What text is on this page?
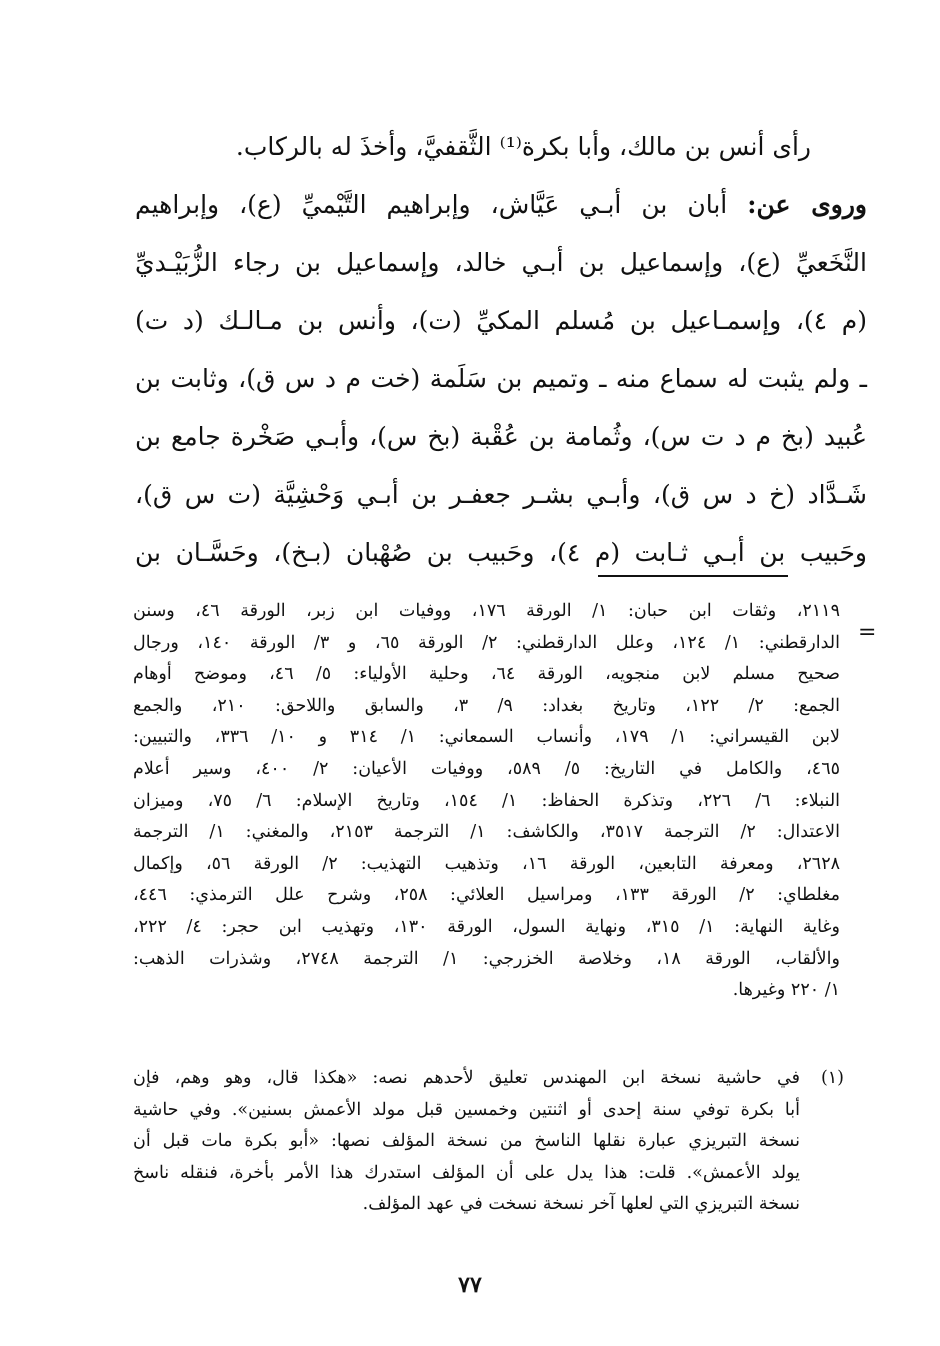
رأى أنس بن مالك، وأبا بكرة⁽¹⁾ الثَّقفيَّ، وأخذَ له بالركاب.
وروى عن: أبان بن أبـي عَيَّاش، وإبراهيم التَّيْميِّ (ع)، وإبراهيم
النَّخَعيِّ (ع)، وإسماعيل بن أبـي خالد، وإسماعيل بن رجاء الزُّبَيْـديِّ
(م ٤)، وإسمـاعيل بن مُسلم المكيِّ (ت)، وأنس بن مـالـك (د ت)
ـ ولم يثبت له سماع منه ـ وتميم بن سَلَمة (خت م د س ق)، وثابت بن
عُبيد (بخ م د ت س)، وثُمامة بن عُقْبة (بخ س)، وأبـي صَخْرة جامع بن
شَـدَّاد (خ د س ق)، وأبـي بشـر جعفـر بن أبـي وَحْشِيَّة (ت س ق)،
وحَبيب بن أبـي ثـابت (م ٤)، وحَبيب بن صُهْبان (بـخ)، وحَسَّـان بن
=
٢١١٩، وثقات ابن حبان: ١/ الورقة ١٧٦، ووفيات ابن زبر، الورقة ٤٦، وسنن
الدارقطني: ١/ ١٢٤، وعلل الدارقطني: ٢/ الورقة ٦٥، و ٣/ الورقة ١٤٠، ورجال
صحيح مسلم لابن منجويه، الورقة ٦٤، وحلية الأولياء: ٥/ ٤٦، وموضح أوهام
الجمع: ٢/ ١٢٢، وتاريخ بغداد: ٩/ ٣، والسابق واللاحق: ٢١٠، والجمع
لابن القيسراني: ١/ ١٧٩، وأنساب السمعاني: ١/ ٣١٤ و ١٠/ ٣٣٦، والتبيين:
٤٦٥، والكامل في التاريخ: ٥/ ٥٨٩، ووفيات الأعيان: ٢/ ٤٠٠، وسير أعلام
النبلاء: ٦/ ٢٢٦، وتذكرة الحفاظ: ١/ ١٥٤، وتاريخ الإسلام: ٦/ ٧٥، وميزان
الاعتدال: ٢/ الترجمة ٣٥١٧، والكاشف: ١/ الترجمة ٢١٥٣، والمغني: ١/ الترجمة
٢٦٢٨، ومعرفة التابعين، الورقة ١٦، وتذهيب التهذيب: ٢/ الورقة ٥٦، وإكمال
مغلطاي: ٢/ الورقة ١٣٣، ومراسيل العلائي: ٢٥٨، وشرح علل الترمذي: ٤٤٦،
وغاية النهاية: ١/ ٣١٥، ونهاية السول، الورقة ١٣٠، وتهذيب ابن حجر: ٤/ ٢٢٢،
والألقاب، الورقة ١٨، وخلاصة الخزرجي: ١/ الترجمة ٢٧٤٨، وشذرات الذهب:
١/ ٢٢٠ وغيرها.
(١)
في حاشية نسخة ابن المهندس تعليق لأحدهم نصه: «هكذا قال، وهو وهم، فإن
أبا بكرة توفي سنة إحدى أو اثنتين وخمسين قبل مولد الأعمش بسنين». وفي حاشية
نسخة التبريزي عبارة نقلها الناسخ من نسخة المؤلف نصها: «أبو بكرة مات قبل أن
يولد الأعمش». قلت: هذا يدل على أن المؤلف استدرك هذا الأمر بأخرة، فنقله ناسخ
نسخة التبريزي التي لعلها آخر نسخة نسخت في عهد المؤلف.
٧٧
